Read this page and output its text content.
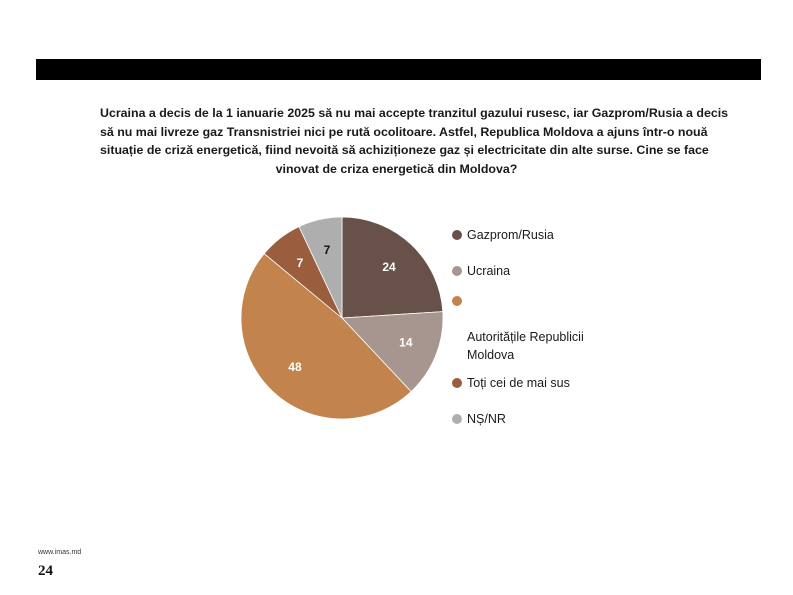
Ucraina a decis de la 1 ianuarie 2025 să nu mai accepte tranzitul gazului rusesc, iar Gazprom/Rusia a decis
să nu mai livreze gaz Transnistriei nici pe rută ocolitoare. Astfel, Republica Moldova a ajuns într-o nouă
situație de criză energetică, fiind nevoită să achiziționeze gaz și electricitate din alte surse. Cine se face
vinovat de criza energetică din Moldova?
24
14
48
7
7
Gazprom/Rusia
Ucraina

Autoritățile Republicii
Moldova

Toți cei de mai sus
NȘ/NR
www.imas.md
24
